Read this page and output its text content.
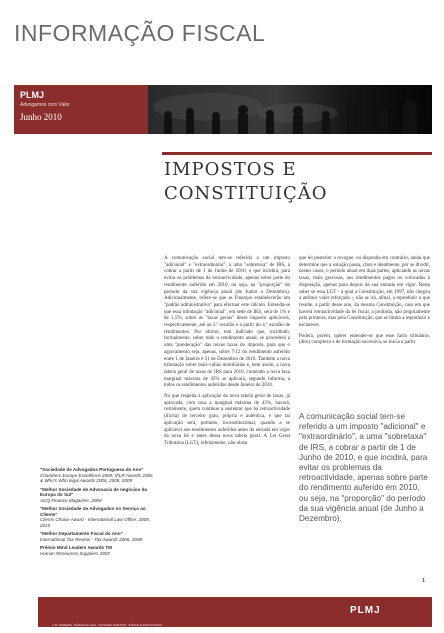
INFORMAÇÃO FISCAL
PLMJ
Advogamos com Valor
Junho 2010
IMPOSTOS E CONSTITUIÇÃO

A comunicação social tem-se referido a um imposto "adicional" e "extraordinário", a uma "sobretaxa" de IRS, a cobrar a partir de 1 de Junho de 2010, e que incidirá, para evitar os problemas da retroactividade, apenas sobre parte do rendimento auferido em 2010, ou seja, na "proporção" do período da sua vigência anual (de Junho a Dezembro). Adicionalmente, refere-se que as Finanças estabelecerão um "padrão administrativo" para efectuar este cálculo. Entenda-se que essa tributação "adicional", em sede de IRS, será de 1% e de 1,5%, sobre as "taxas gerais" desse imposto aplicáveis, respectivamente, até ao 3.º escalão e a partir do 4.º escalão de rendimentos. Por último, tem indicado que, incidindo, formalmente, sobre todo o rendimento anual, se procederá a uma "ponderação" das novas taxas do imposto, para que o agravamento seja, apenas, sobre 7/12 do rendimento auferido entre 1 de Janeiro e 31 de Dezembro de 2010. Também a nova tributação sobre mais-valias mobiliárias e, bem assim, a nova tabela geral de taxas do IRS para 2010, contendo a nova taxa marginal máxima de 45% se aplicará, segundo informa, a todos os rendimentos auferidos desde Janeiro de 2010.

No que respeita à aplicação da nova tabela geral de taxas, já aprovada, com taxa a marginal máxima de 45%, haverá, certamente, quem continue a sustentar que há retroactividade (ilícita) de terceiro grau, própria e autêntica, e que tal aplicação será, portanto, inconstitucional, quando a se aplicável aos rendimentos auferidos antes da entrada em vigor da nova lei e antes dessa nova tabela geral. A Lei Geral Tributária (LGT), infelizmente, não obsta

que lei posterior a revogue, ou disponha em contrário, ainda que determine que a solução passa, clara e idealmente, por se dividir, nestes casos, o período anual em duas partes, aplicando as novas taxas, mais gravosas, aos rendimentos pagos ou colocados à disposição, apenas para depois da sua entrada em vigor. Resta saber se essa LGT - à qual a Constituição, em 1997, não chegou a atribuir valor reforçado -, não se irá, afinal, a reproduzir o que resulte, a partir desse ano, da mesma Constituição, caso em que haverá retroactividade da lei fiscal, a proibida, não propriamente pela primeira, mas pela Constituição, que se limita a reproduzir e esclarecer.

Poderá, porém, querer entender-se que esse facto tributário, (dito) complexo e de formação sucessiva, se inicia a partir

A comunicação social tem-se referido a um imposto "adicional" e "extraordinário", a uma "sobretaxa" de IRS, a cobrar a partir de 1 de Junho de 2010, e que incidirá, para evitar os problemas da retroactividade, apenas sobre parte do rendimento auferido em 2010, ou seja, na "proporção" do período da sua vigência anual (de Junho a Dezembro).
"Sociedade de Advogados Portuguesa do Ano"
Chambers Europe Excellence 2009, IFLR Awards 2006 & Who's Who legal Awards 2006, 2008, 2009
"Melhor Sociedade de Advocacia de negócios da Europa do Sul"
ACQ Finance Magazine, 2009
"Melhor Sociedade de Advogados no Serviço ao Cliente"
Clients Choice Award - International Law Office, 2008, 2010
"Melhor Departamento Fiscal do Ano"
International Tax Review - Tax Awards 2006, 2008
Prémio Mind Leaders Awards TM
Human Resources Suppliers 2007
1
A.M. PEREIRA, SÁRAGGA LEAL, OLIVEIRA MARTINS, JÚDICE E ASSOCIADOS
PLMJ
